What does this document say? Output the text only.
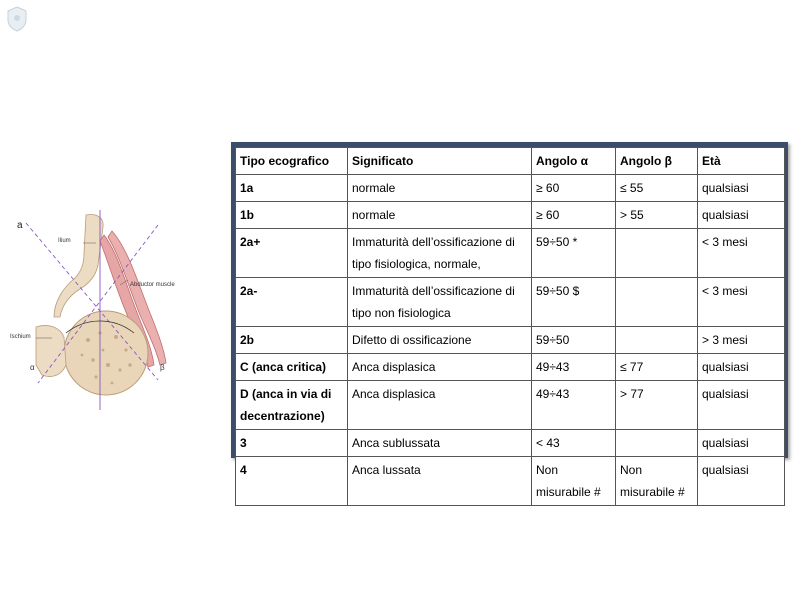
a
Ilium
Abductor muscle
Ischium
α	β
Tipo ecografico	Significato	Angolo α	Angolo β	Età
1a	normale	≥ 60	≤ 55	qualsiasi
1b	normale	≥ 60	> 55	qualsiasi
2a+	Immaturità dell’ossificazione di tipo fisiologica, normale,	59÷50 *		< 3 mesi
2a-	Immaturità dell’ossificazione di tipo non fisiologica	59÷50 $		< 3 mesi
2b	Difetto di ossificazione	59÷50		> 3 mesi
C (anca critica)	Anca displasica	49÷43	≤ 77	qualsiasi
D (anca in via di decentrazione)	Anca displasica	49÷43	> 77	qualsiasi
3	Anca sublussata	< 43		qualsiasi
4	Anca lussata	Non misurabile #	Non misurabile #	qualsiasi
